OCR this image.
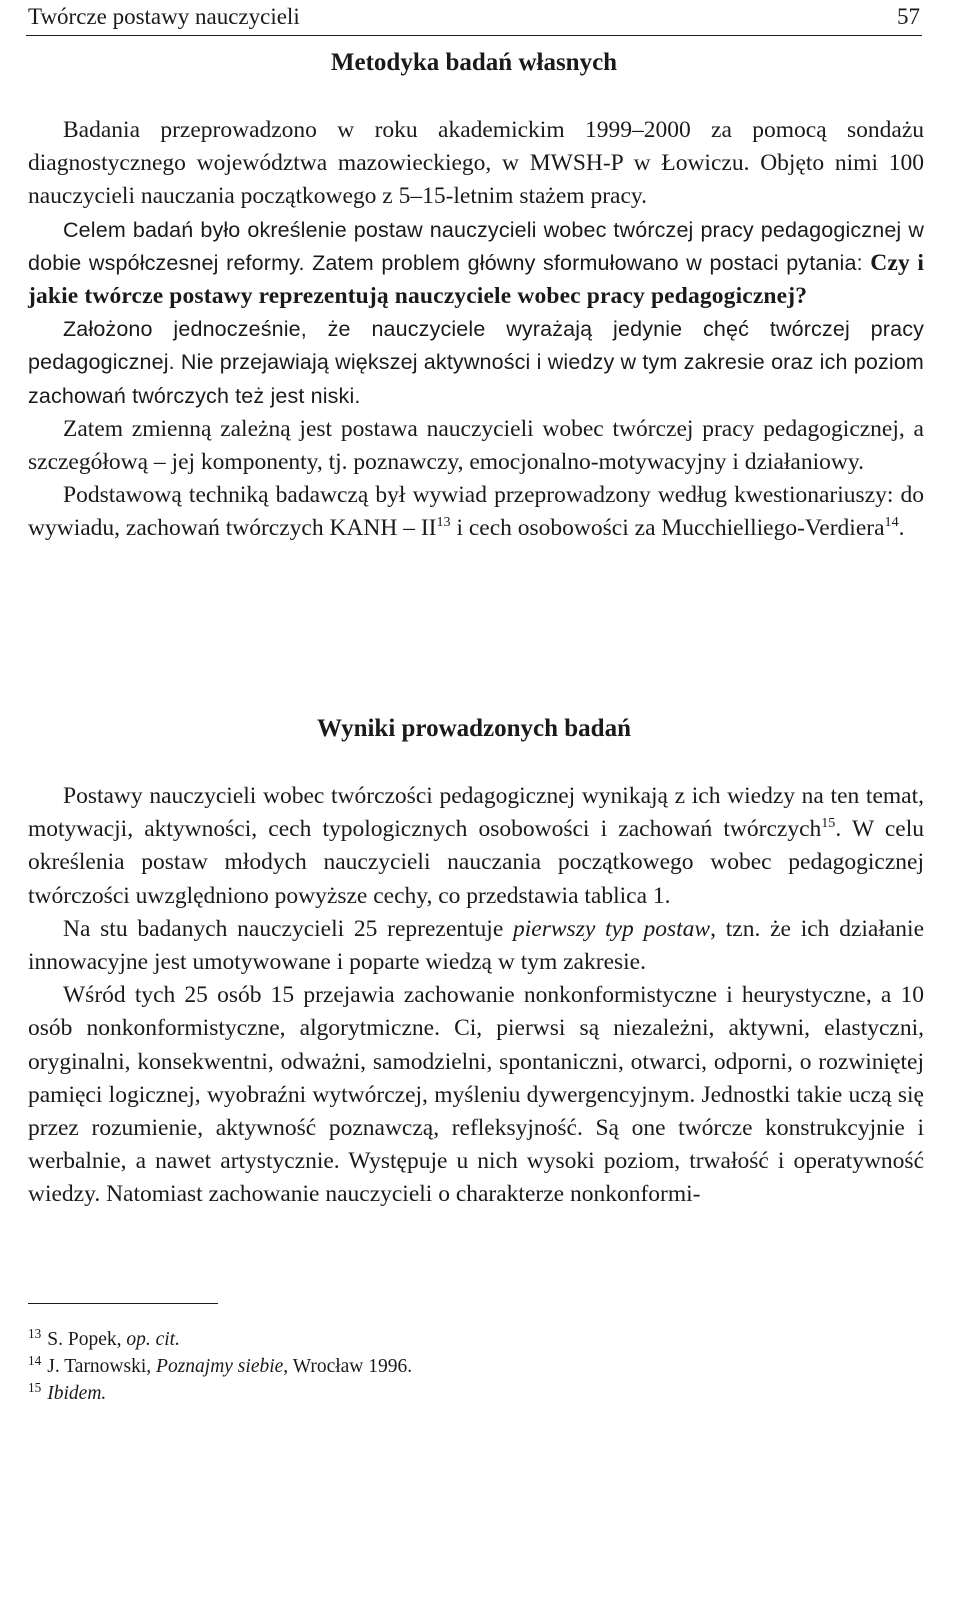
Twórcze postawy nauczycieli	57
Metodyka badań własnych

Badania przeprowadzono w roku akademickim 1999–2000 za pomocą sondażu diagnostycznego województwa mazowieckiego, w MWSH-P w Łowiczu. Objęto nimi 100 nauczycieli nauczania początkowego z 5–15-letnim stażem pracy.

Celem badań było określenie postaw nauczycieli wobec twórczej pracy pedagogicznej w dobie współczesnej reformy. Zatem problem główny sformułowano w postaci pytania: Czy i jakie twórcze postawy reprezentują nauczyciele wobec pracy pedagogicznej?

Założono jednocześnie, że nauczyciele wyrażają jedynie chęć twórczej pracy pedagogicznej. Nie przejawiają większej aktywności i wiedzy w tym zakresie oraz ich poziom zachowań twórczych też jest niski.

Zatem zmienną zależną jest postawa nauczycieli wobec twórczej pracy pedagogicznej, a szczegółową – jej komponenty, tj. poznawczy, emocjonalno-motywacyjny i działaniowy.

Podstawową techniką badawczą był wywiad przeprowadzony według kwestionariuszy: do wywiadu, zachowań twórczych KANH – II$^{13}$ i cech osobowości za Mucchielliego-Verdiera$^{14}$.

Wyniki prowadzonych badań

Postawy nauczycieli wobec twórczości pedagogicznej wynikają z ich wiedzy na ten temat, motywacji, aktywności, cech typologicznych osobowości i zachowań twórczych$^{15}$. W celu określenia postaw młodych nauczycieli nauczania początkowego wobec pedagogicznej twórczości uwzględniono powyższe cechy, co przedstawia tablica 1.

Na stu badanych nauczycieli 25 reprezentuje pierwszy typ postaw, tzn. że ich działanie innowacyjne jest umotywowane i poparte wiedzą w tym zakresie.

Wśród tych 25 osób 15 przejawia zachowanie nonkonformistyczne i heurystyczne, a 10 osób nonkonformistyczne, algorytmiczne. Ci, pierwsi są niezależni, aktywni, elastyczni, oryginalni, konsekwentni, odważni, samodzielni, spontaniczni, otwarci, odporni, o rozwiniętej pamięci logicznej, wyobraźni wytwórczej, myśleniu dywergencyjnym. Jednostki takie uczą się przez rozumienie, aktywność poznawczą, refleksyjność. Są one twórcze konstrukcyjnie i werbalnie, a nawet artystycznie. Występuje u nich wysoki poziom, trwałość i operatywność wiedzy. Natomiast zachowanie nauczycieli o charakterze nonkonformi-

$^{13}$ S. Popek, op. cit.

$^{14}$ J. Tarnowski, Poznajmy siebie, Wrocław 1996.

$^{15}$ Ibidem.
